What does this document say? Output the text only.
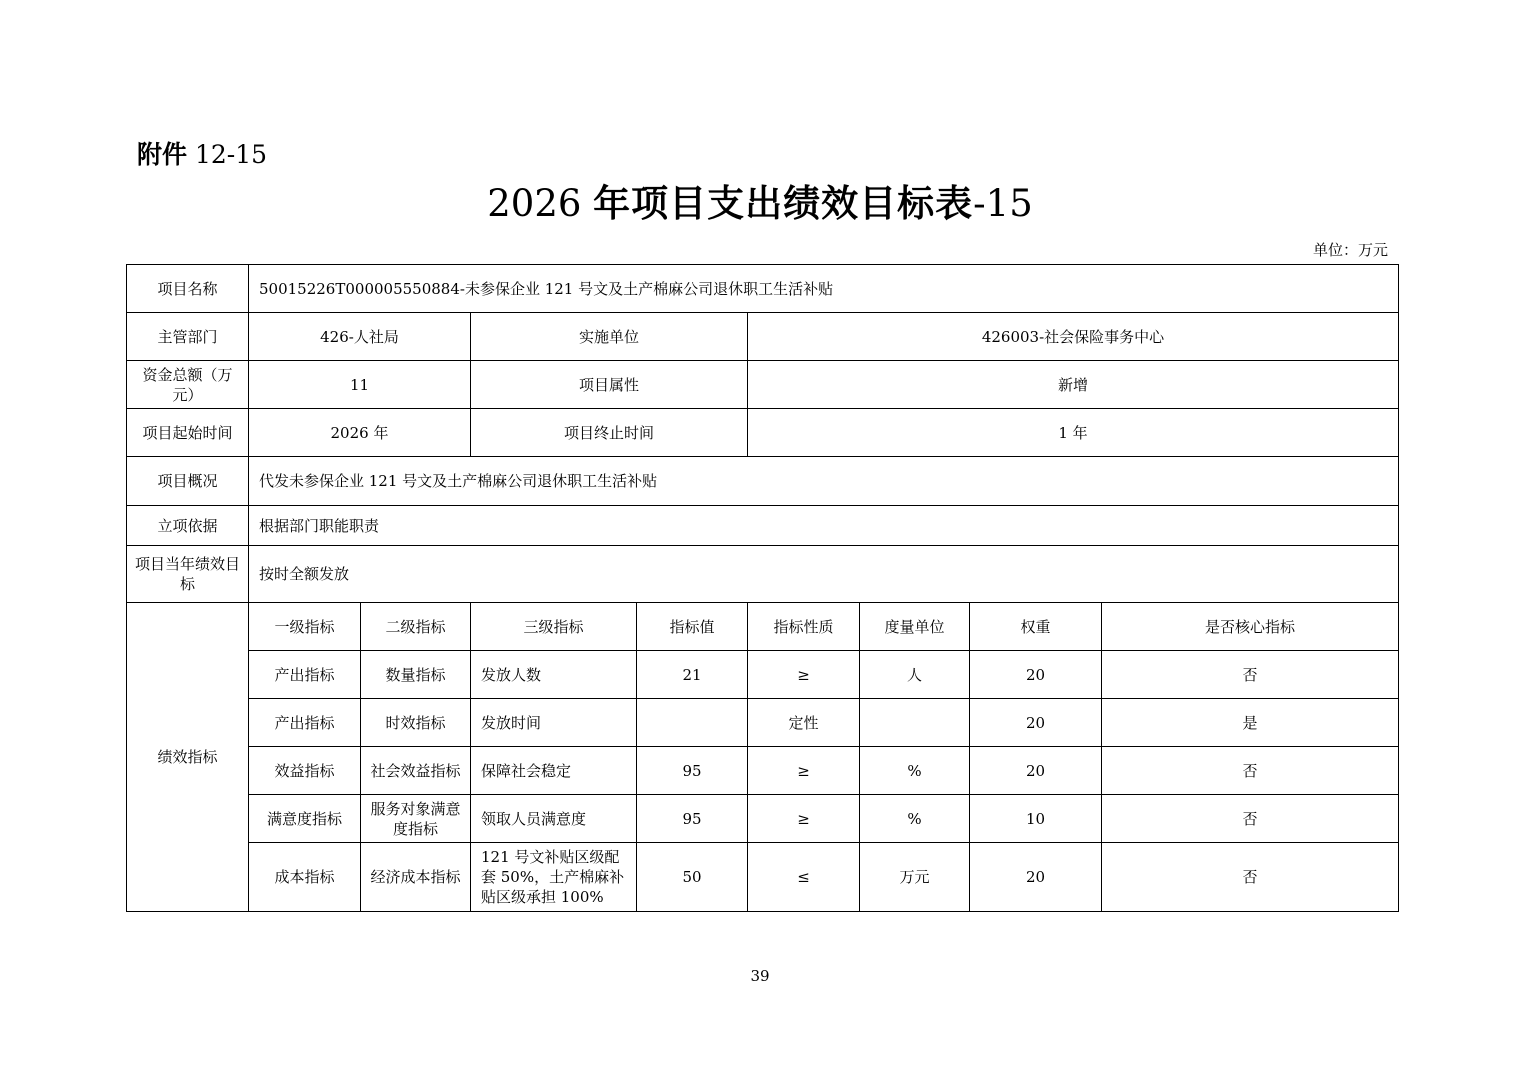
附件 12-15
2026 年项目支出绩效目标表-15
单位：万元
项目名称	50015226T000005550884-未参保企业 121 号文及土产棉麻公司退休职工生活补贴							
主管部门	426-人社局		实施单位		426003-社会保险事务中心			
资金总额（万元）	11		项目属性		新增			
项目起始时间	2026 年		项目终止时间		1 年			
项目概况	代发未参保企业 121 号文及土产棉麻公司退休职工生活补贴							
立项依据	根据部门职能职责							
项目当年绩效目标	按时全额发放							
绩效指标	一级指标	二级指标	三级指标	指标值	指标性质	度量单位	权重	是否核心指标
	产出指标	数量指标	发放人数	21	≥	人	20	否
	产出指标	时效指标	发放时间		定性		20	是
	效益指标	社会效益指标	保障社会稳定	95	≥	%	20	否
	满意度指标	服务对象满意度指标	领取人员满意度	95	≥	%	10	否
	成本指标	经济成本指标	121 号文补贴区级配套 50%，土产棉麻补贴区级承担 100%	50	≤	万元	20	否
39
